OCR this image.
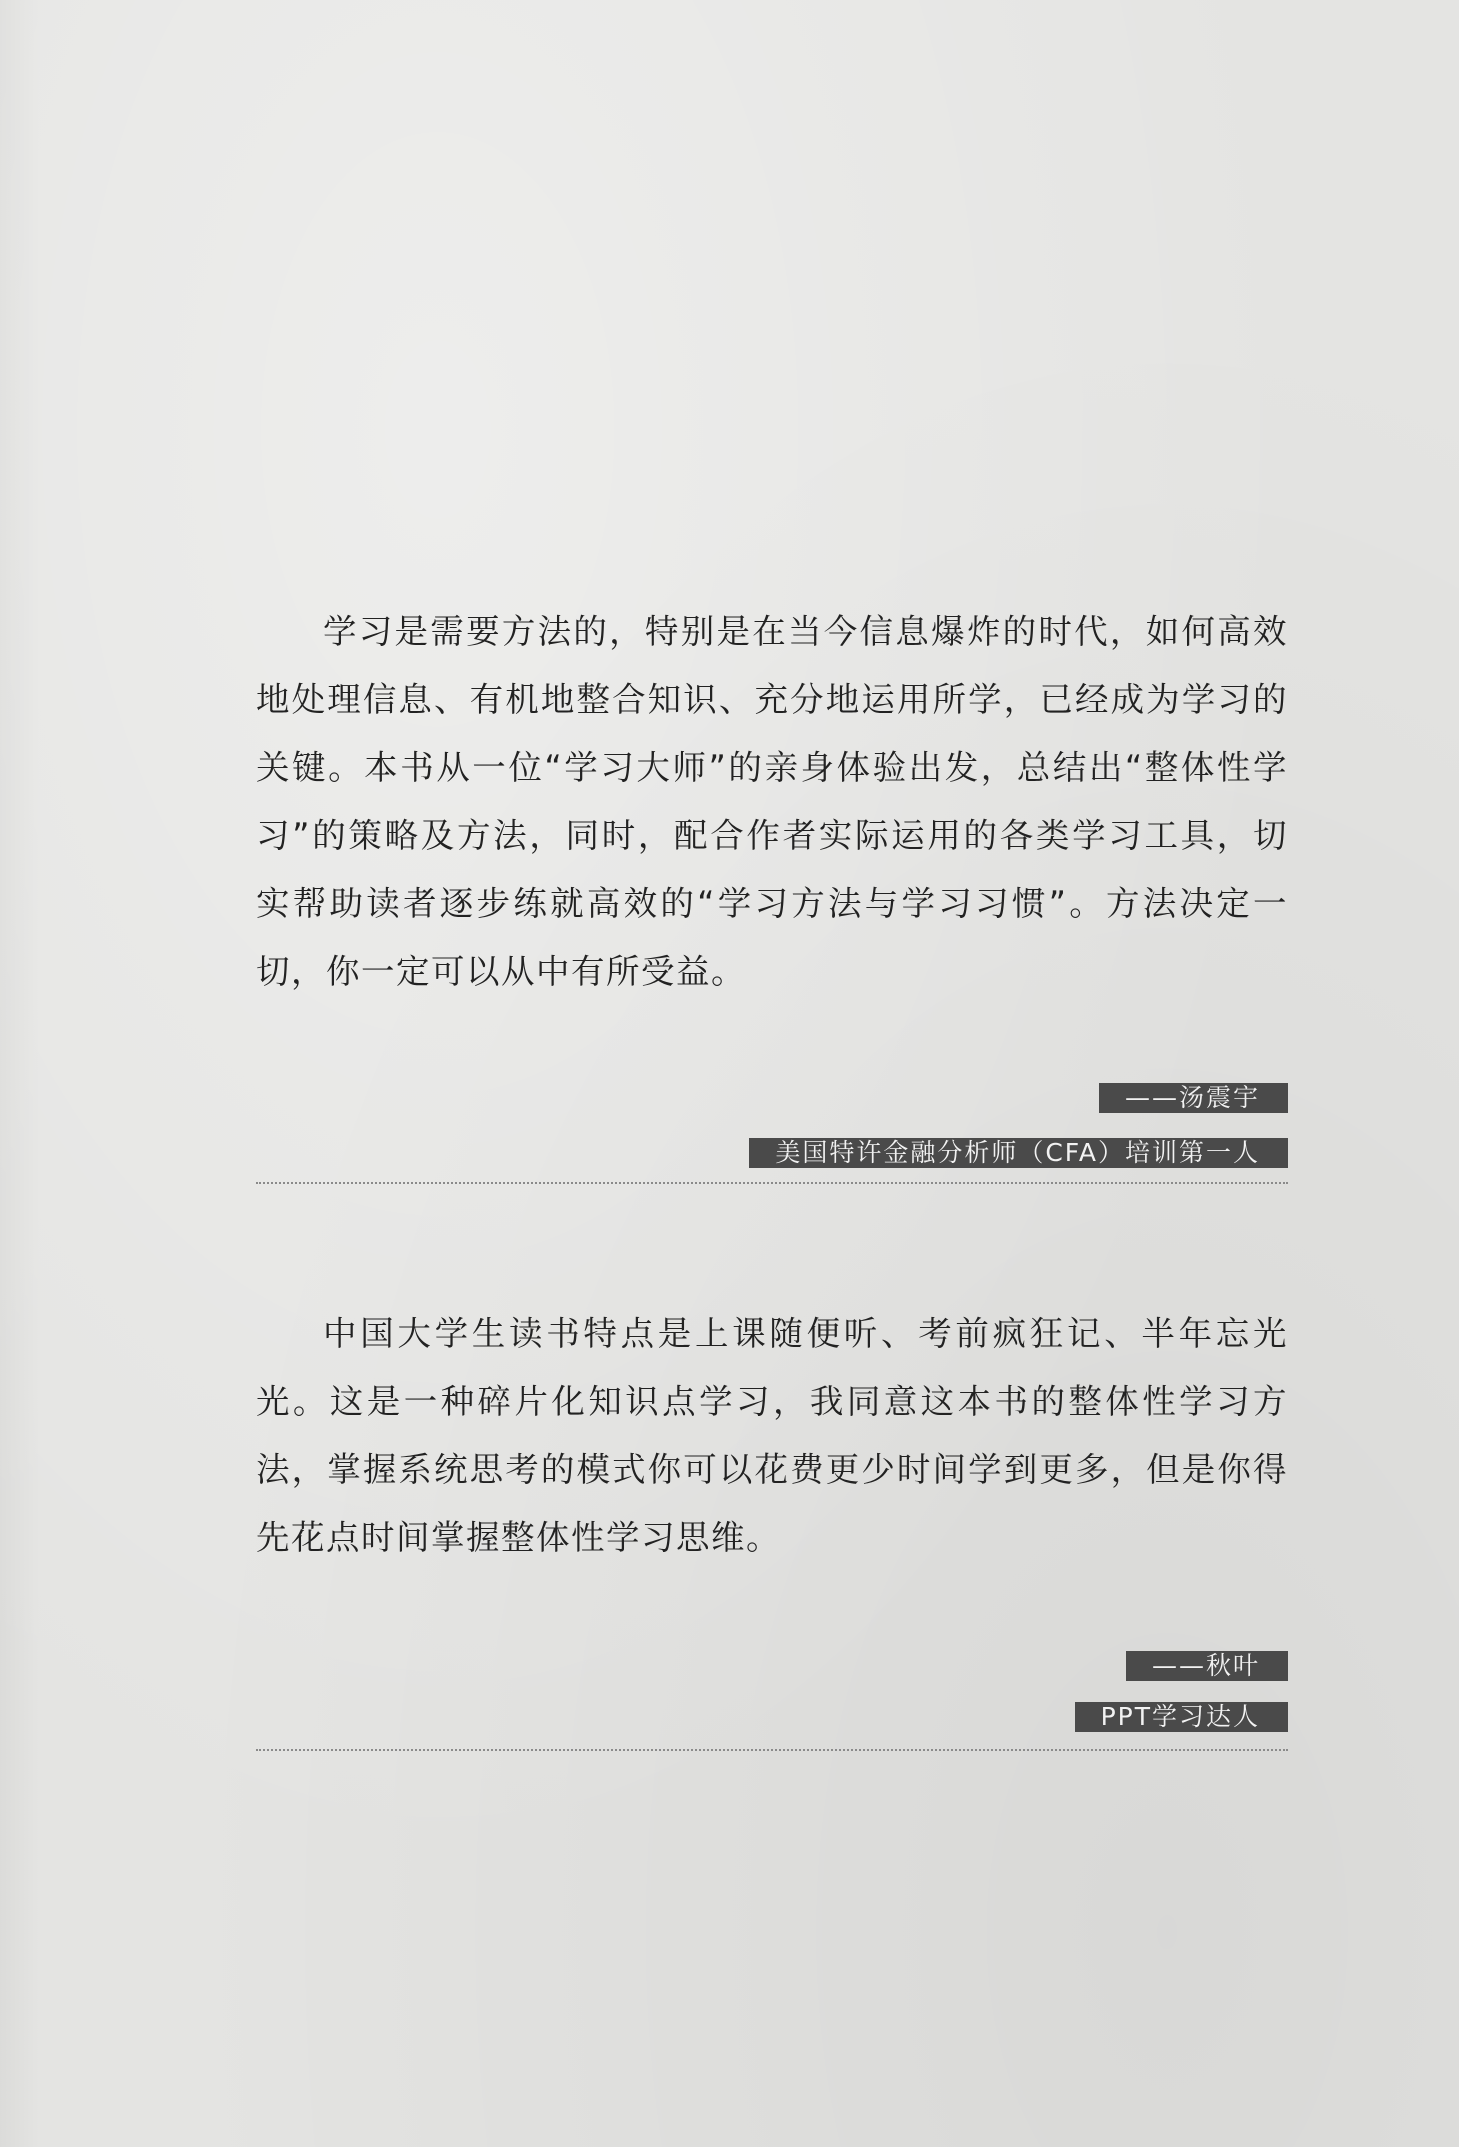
学习是需要方法的，特别是在当今信息爆炸的时代，如何高效地处理信息、有机地整合知识、充分地运用所学，已经成为学习的关键。本书从一位“学习大师”的亲身体验出发，总结出“整体性学习”的策略及方法，同时，配合作者实际运用的各类学习工具，切实帮助读者逐步练就高效的“学习方法与学习习惯”。方法决定一切，你一定可以从中有所受益。

——汤震宇
美国特许金融分析师（CFA）培训第一人

中国大学生读书特点是上课随便听、考前疯狂记、半年忘光光。这是一种碎片化知识点学习，我同意这本书的整体性学习方法，掌握系统思考的模式你可以花费更少时间学到更多，但是你得先花点时间掌握整体性学习思维。

——秋叶
PPT学习达人
